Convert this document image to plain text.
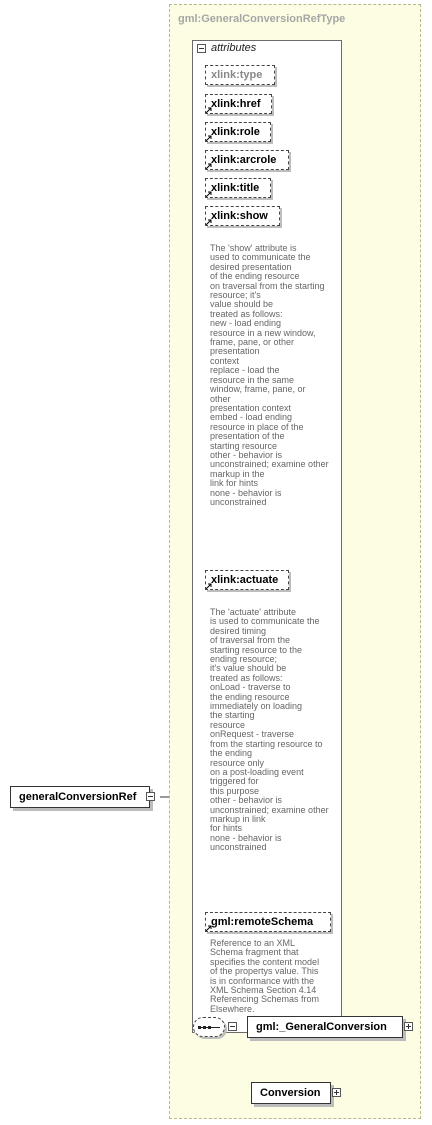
gml:GeneralConversionRefType
attributes
xlink:type
xlink:href
xlink:role
xlink:arcrole
xlink:title
xlink:show
The 'show' attribute is
used to communicate the
desired presentation
of the ending resource
on traversal from the starting
resource; it's
value should be
treated as follows:
new - load ending
resource in a new window,
frame, pane, or other
presentation
context
replace - load the
resource in the same
window, frame, pane, or
other
presentation context
embed - load ending
resource in place of the
presentation of the
starting resource
other - behavior is
unconstrained; examine other
markup in the
link for hints
none - behavior is
unconstrained
xlink:actuate
The 'actuate' attribute
is used to communicate the
desired timing
of traversal from the
starting resource to the
ending resource;
it's value should be
treated as follows:
onLoad - traverse to
the ending resource
immediately on loading
the starting
resource
onRequest - traverse
from the starting resource to
the ending
resource only
on a post-loading event
triggered for
this purpose
other - behavior is
unconstrained; examine other
markup in link
for hints
none - behavior is
unconstrained
gml:remoteSchema
Reference to an XML
Schema fragment that
specifies the content model
of the propertys value. This
is in conformance with the
XML Schema Section 4.14
Referencing Schemas from
Elsewhere.
generalConversionRef
gml:_GeneralConversion
Conversion
